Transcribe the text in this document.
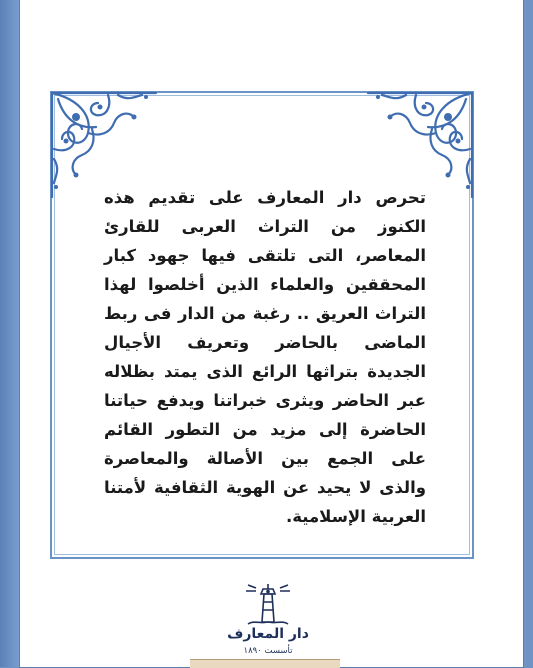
تحرص دار المعارف على تقديم هذه الكنوز من التراث العربى للقارئ المعاصر، التى تلتقى فيها جهود كبار المحققين والعلماء الذين أخلصوا لهذا التراث العريق .. رغبة من الدار فى ربط الماضى بالحاضر وتعريف الأجيال الجديدة بتراثها الرائع الذى يمتد بظلاله عبر الحاضر ويثرى خبراتنا ويدفع حياتنا الحاضرة إلى مزيد من التطور القائم على الجمع بين الأصالة والمعاصرة والذى لا يحيد عن الهوية الثقافية لأمتنا العربية الإسلامية.
دار المعارف
تأسست ١٨٩٠
